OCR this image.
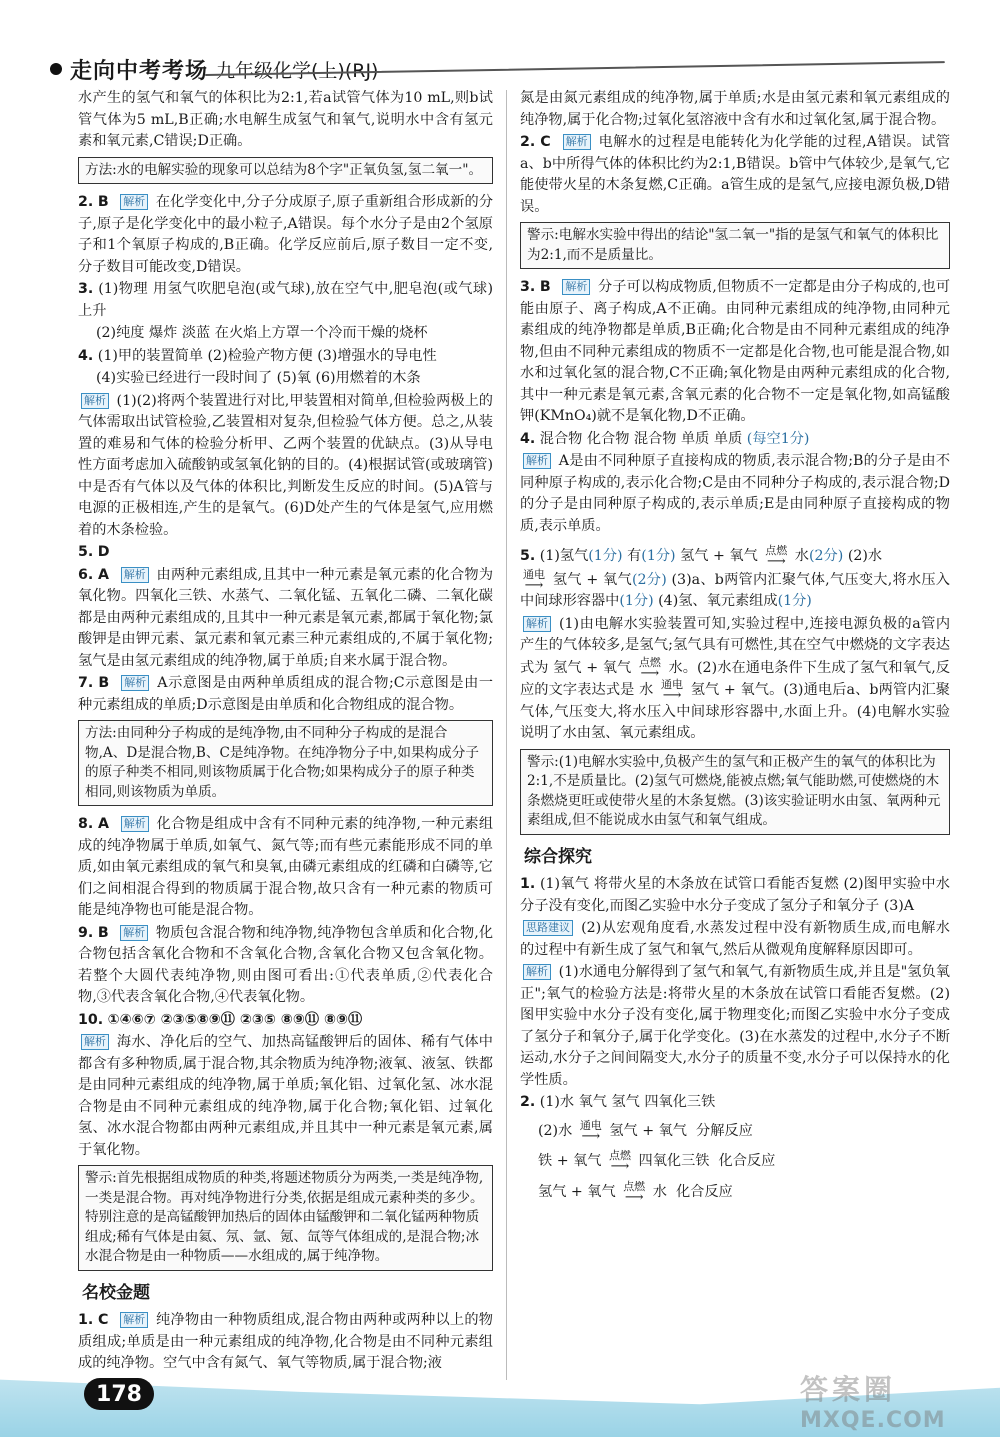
走向中考考场 九年级化学(上)(RJ)

水产生的氢气和氧气的体积比为2:1,若a试管气体为10 mL,则b试管气体为5 mL,B正确;水电解生成氢气和氧气,说明水中含有氢元素和氧元素,C错误;D正确。

方法:水的电解实验的现象可以总结为8个字"正氧负氢,氢二氧一"。

2. B 解析 在化学变化中,分子分成原子,原子重新组合形成新的分子,原子是化学变化中的最小粒子,A错误。每个水分子是由2个氢原子和1个氧原子构成的,B正确。化学反应前后,原子数目一定不变,分子数目可能改变,D错误。

3. (1)物理 用氢气吹肥皂泡(或气球),放在空气中,肥皂泡(或气球)上升

(2)纯度 爆炸 淡蓝 在火焰上方罩一个冷而干燥的烧杯

4. (1)甲的装置简单 (2)检验产物方便 (3)增强水的导电性

(4)实验已经进行一段时间了 (5)氧 (6)用燃着的木条

解析 (1)(2)将两个装置进行对比,甲装置相对简单,但检验两极上的气体需取出试管检验,乙装置相对复杂,但检验气体方便。总之,从装置的难易和气体的检验分析甲、乙两个装置的优缺点。(3)从导电性方面考虑加入硫酸钠或氢氧化钠的目的。(4)根据试管(或玻璃管)中是否有气体以及气体的体积比,判断发生反应的时间。(5)A管与电源的正极相连,产生的是氧气。(6)D处产生的气体是氢气,应用燃着的木条检验。

5. D

6. A 解析 由两种元素组成,且其中一种元素是氧元素的化合物为氧化物。四氧化三铁、水蒸气、二氧化锰、五氧化二磷、二氧化碳都是由两种元素组成的,且其中一种元素是氧元素,都属于氧化物;氯酸钾是由钾元素、氯元素和氧元素三种元素组成的,不属于氧化物;氢气是由氢元素组成的纯净物,属于单质;自来水属于混合物。

7. B 解析 A示意图是由两种单质组成的混合物;C示意图是由一种元素组成的单质;D示意图是由单质和化合物组成的混合物。

方法:由同种分子构成的是纯净物,由不同种分子构成的是混合物,A、D是混合物,B、C是纯净物。在纯净物分子中,如果构成分子的原子种类不相同,则该物质属于化合物;如果构成分子的原子种类相同,则该物质为单质。

8. A 解析 化合物是组成中含有不同种元素的纯净物,一种元素组成的纯净物属于单质,如氧气、氮气等;而有些元素能形成不同的单质,如由氧元素组成的氧气和臭氧,由磷元素组成的红磷和白磷等,它们之间相混合得到的物质属于混合物,故只含有一种元素的物质可能是纯净物也可能是混合物。

9. B 解析 物质包含混合物和纯净物,纯净物包含单质和化合物,化合物包括含氧化合物和不含氧化合物,含氧化合物又包含氧化物。若整个大圆代表纯净物,则由图可看出:①代表单质,②代表化合物,③代表含氧化合物,④代表氧化物。

10. ①④⑥⑦ ②③⑤⑧⑨⑪ ②③⑤ ⑧⑨⑪ ⑧⑨⑪

解析 海水、净化后的空气、加热高锰酸钾后的固体、稀有气体中都含有多种物质,属于混合物,其余物质为纯净物;液氧、液氢、铁都是由同种元素组成的纯净物,属于单质;氧化铝、过氧化氢、冰水混合物是由不同种元素组成的纯净物,属于化合物;氧化铝、过氧化氢、冰水混合物都由两种元素组成,并且其中一种元素是氧元素,属于氧化物。

警示:首先根据组成物质的种类,将题述物质分为两类,一类是纯净物,一类是混合物。再对纯净物进行分类,依据是组成元素种类的多少。特别注意的是高锰酸钾加热后的固体由锰酸钾和二氧化锰两种物质组成;稀有气体是由氦、氖、氩、氪、氙等气体组成的,是混合物;冰水混合物是由一种物质——水组成的,属于纯净物。
名校金题

1. C 解析 纯净物由一种物质组成,混合物由两种或两种以上的物质组成;单质是由一种元素组成的纯净物,化合物是由不同种元素组成的纯净物。空气中含有氮气、氧气等物质,属于混合物;液

氮是由氮元素组成的纯净物,属于单质;水是由氢元素和氧元素组成的纯净物,属于化合物;过氧化氢溶液中含有水和过氧化氢,属于混合物。

2. C 解析 电解水的过程是电能转化为化学能的过程,A错误。试管a、b中所得气体的体积比约为2:1,B错误。b管中气体较少,是氧气,它能使带火星的木条复燃,C正确。a管生成的是氢气,应接电源负极,D错误。

警示:电解水实验中得出的结论"氢二氧一"指的是氢气和氧气的体积比为2:1,而不是质量比。

3. B 解析 分子可以构成物质,但物质不一定都是由分子构成的,也可能由原子、离子构成,A不正确。由同种元素组成的纯净物,由同种元素组成的纯净物都是单质,B正确;化合物是由不同种元素组成的纯净物,但由不同种元素组成的物质不一定都是化合物,也可能是混合物,如水和过氧化氢的混合物,C不正确;氧化物是由两种元素组成的化合物,其中一种元素是氧元素,含氧元素的化合物不一定是氧化物,如高锰酸钾(KMnO₄)就不是氧化物,D不正确。

4. 混合物 化合物 混合物 单质 单质 (每空1分)

解析 A是由不同种原子直接构成的物质,表示混合物;B的分子是由不同种原子构成的,表示化合物;C是由不同种分子构成的,表示混合物;D的分子是由同种原子构成的,表示单质;E是由同种原子直接构成的物质,表示单质。

5. (1)氢气(1分) 有(1分) 氢气 + 氧气 点燃
⟶ 水(2分) (2)水

通电
⟶ 氢气 + 氧气(2分) (3)a、b两管内汇聚气体,气压变大,将水压入中间球形容器中(1分) (4)氢、氧元素组成(1分)

解析 (1)由电解水实验装置可知,实验过程中,连接电源负极的a管内产生的气体较多,是氢气;氢气具有可燃性,其在空气中燃烧的文字表达式为 氢气 + 氧气 点燃
⟶ 水。(2)水在通电条件下生成了氢气和氧气,反应的文字表达式是 水 通电
⟶ 氢气 + 氧气。(3)通电后a、b两管内汇聚气体,气压变大,将水压入中间球形容器中,水面上升。(4)电解水实验说明了水由氢、氧元素组成。

警示:(1)电解水实验中,负极产生的氢气和正极产生的氧气的体积比为2:1,不是质量比。(2)氢气可燃烧,能被点燃;氧气能助燃,可使燃烧的木条燃烧更旺或使带火星的木条复燃。(3)该实验证明水由氢、氧两种元素组成,但不能说成水由氢气和氧气组成。
综合探究

1. (1)氧气 将带火星的木条放在试管口看能否复燃 (2)图甲实验中水分子没有变化,而图乙实验中水分子变成了氢分子和氧分子 (3)A

思路建议 (2)从宏观角度看,水蒸发过程中没有新物质生成,而电解水的过程中有新生成了氢气和氧气,然后从微观角度解释原因即可。

解析 (1)水通电分解得到了氢气和氧气,有新物质生成,并且是"氢负氧正";氧气的检验方法是:将带火星的木条放在试管口看能否复燃。(2)图甲实验中水分子没有变化,属于物理变化;而图乙实验中水分子变成了氢分子和氧分子,属于化学变化。(3)在水蒸发的过程中,水分子不断运动,水分子之间间隔变大,水分子的质量不变,水分子可以保持水的化学性质。

2. (1)水 氧气 氢气 四氧化三铁

(2)水 通电
⟶ 氢气 + 氧气 分解反应

铁 + 氧气 点燃
⟶ 四氧化三铁 化合反应

氢气 + 氧气 点燃
⟶ 水 化合反应

178	答案圈
MXQE.COM
